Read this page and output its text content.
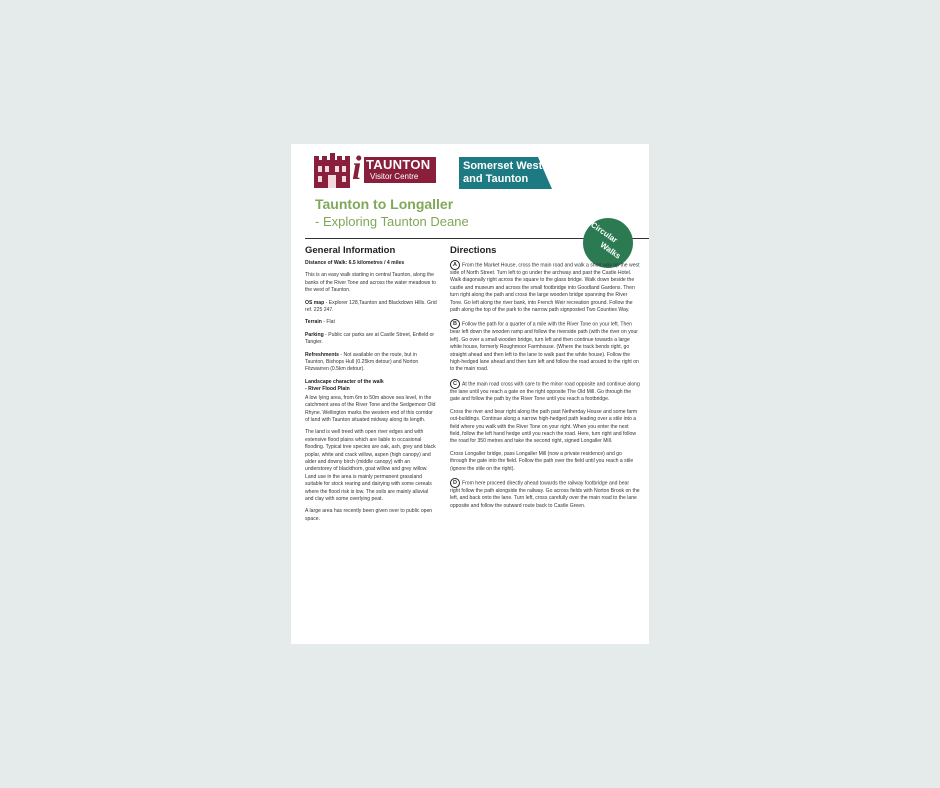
i TAUNTON
Visitor Centre
Somerset West
and Taunton
Taunton to Longaller
- Exploring Taunton Deane	Circular
Walks
General Information

Distance of Walk: 6.5 kilometres / 4 miles

This is an easy walk starting in central Taunton, along the banks of the River Tone and across the water meadows to the west of Taunton.

OS map - Explorer 128,Taunton and Blackdown Hills. Grid ref. 225 247.

Terrain - Flat

Parking - Public car parks are at Castle Street, Enfield or Tangier.

Refreshments - Not available on the route, but in Taunton, Bishops Hull (0.25km detour) and Norton Fitzwarren (0.5km detour).

Landscape character of the walk
- River Flood Plain

A low lying area, from 6m to 50m above sea level, in the catchment area of the River Tone and the Sedgemoor Old Rhyne. Wellington marks the western end of this corridor of land with Taunton situated midway along its length.

The land is well treed with open river edges and with extensive flood plains which are liable to occasional flooding. Typical tree species are oak, ash, grey and black poplar, white and crack willow, aspen (high canopy) and alder and downy birch (middle canopy) with an understorey of blackthorn, goat willow and grey willow. Land use in the area is mainly permanent grassland suitable for stock rearing and dairying with some cereals where the flood risk is low. The soils are mainly alluvial and clay with some overlying peat.

A large area has recently been given over to public open space.

Directions

A From the Market House, cross the main road and walk a short way up the west side of North Street. Turn left to go under the archway and past the Castle Hotel. Walk diagonally right across the square to the glass bridge. Walk down beside the castle and museum and across the small footbridge into Goodland Gardens. Then turn right along the path and cross the large wooden bridge spanning the River Tone. Go left along the river bank, into French Weir recreation ground. Follow the path along the top of the park to the narrow path signposted Two Counties Way.

B Follow the path for a quarter of a mile with the River Tone on your left. Then bear left down the wooden ramp and follow the riverside path (with the river on your left). Go over a small wooden bridge, turn left and then continue towards a large white house, formerly Roughmoor Farmhouse. (Where the track bends right, go straight ahead and then left to the lane to walk past the white house). Follow the high-hedged lane ahead and then turn left and follow the road around to the right on to the main road.

C At the main road cross with care to the minor road opposite and continue along the lane until you reach a gate on the right opposite The Old Mill. Go through the gate and follow the path by the River Tone until you reach a footbridge.

Cross the river and bear right along the path past Netherday House and some farm out-buildings. Continue along a narrow high-hedged path leading over a stile into a field where you walk with the River Tone on your right. When you enter the next field, follow the left hand hedge until you reach the road. Here, turn right and follow the road for 350 metres and take the second right, signed Longaller Mill.

Cross Longaller bridge, pass Longaller Mill (now a private residence) and go through the gate into the field. Follow the path over the field until you reach a stile (ignore the stile on the right).

D From here proceed directly ahead towards the railway footbridge and bear right follow the path alongside the railway. Go across fields with Norton Brook on the left, and back onto the lane. Turn left, cross carefully over the main road to the lane opposite and follow the outward route back to Castle Green.
